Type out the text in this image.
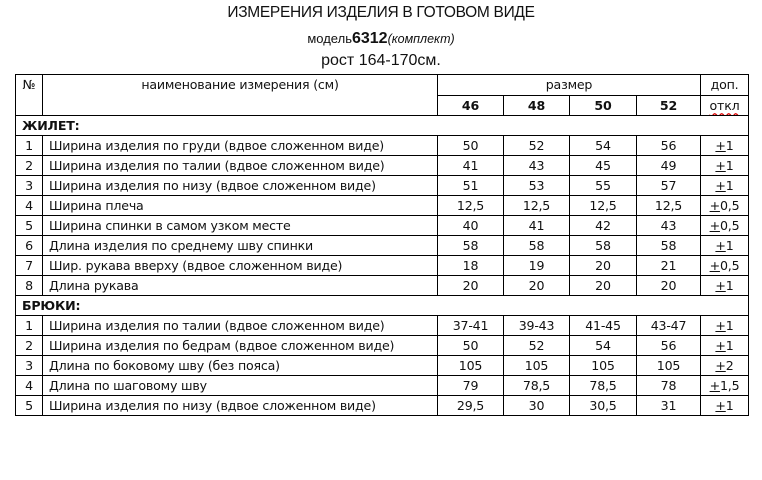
ИЗМЕРЕНИЯ ИЗДЕЛИЯ В ГОТОВОМ ВИДЕ
модель6312(комплект)
рост 164-170см.
№	наименование измерения (см)	размер				доп.
		46	48	50	52	откл
ЖИЛЕТ:						
1	Ширина изделия по груди (вдвое сложенном виде)	50	52	54	56	+1
2	Ширина изделия по талии (вдвое сложенном виде)	41	43	45	49	+1
3	Ширина изделия по низу (вдвое сложенном виде)	51	53	55	57	+1
4	Ширина плеча	12,5	12,5	12,5	12,5	+0,5
5	Ширина спинки в самом узком месте	40	41	42	43	+0,5
6	Длина изделия по среднему шву спинки	58	58	58	58	+1
7	Шир. рукава вверху (вдвое сложенном виде)	18	19	20	21	+0,5
8	Длина рукава	20	20	20	20	+1
БРЮКИ:						
1	Ширина изделия по талии (вдвое сложенном виде)	37-41	39-43	41-45	43-47	+1
2	Ширина изделия по бедрам (вдвое сложенном виде)	50	52	54	56	+1
3	Длина по боковому шву (без пояса)	105	105	105	105	+2
4	Длина по шаговому шву	79	78,5	78,5	78	+1,5
5	Ширина изделия по низу (вдвое сложенном виде)	29,5	30	30,5	31	+1
